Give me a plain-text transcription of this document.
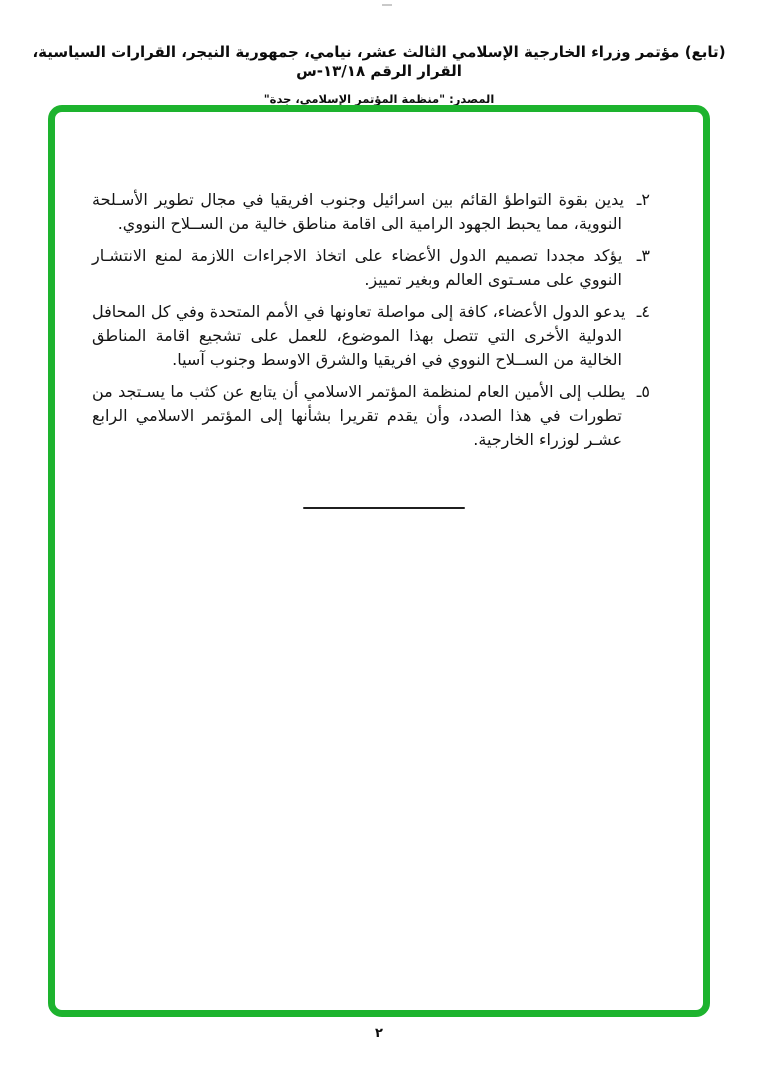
(تابع) مؤتمر وزراء الخارجية الإسلامي الثالث عشر، نيامي، جمهورية النيجر، القرارات السياسية، القرار الرقم ١٣/١٨-س
المصدر: "منظمة المؤتمر الإسلامي، جدة"

٢ـ يدين بقوة التواطؤ القائم بين اسرائيل وجنوب افريقيا في مجال تطوير الأسـلحة النووية، مما يحبط الجهود الرامية الى اقامة مناطق خالية من الســلاح النووي.

٣ـ يؤكد مجددا تصميم الدول الأعضاء على اتخاذ الاجراءات اللازمة لمنع الانتشـار النووي على مسـتوى العالم وبغير تمييز.

٤ـ يدعو الدول الأعضاء، كافة إلى مواصلة تعاونها في الأمم المتحدة وفي كل المحافل الدولية الأخرى التي تتصل بهذا الموضوع، للعمل على تشجيع اقامة المناطق الخالية من الســلاح النووي في افريقيا والشرق الاوسط وجنوب آسيا.

٥ـ يطلب إلى الأمين العام لمنظمة المؤتمر الاسلامي أن يتابع عن كثب ما يسـتجد من تطورات في هذا الصدد، وأن يقدم تقريرا بشأنها إلى المؤتمر الاسلامي الرابع عشـر لوزراء الخارجية.

٢
